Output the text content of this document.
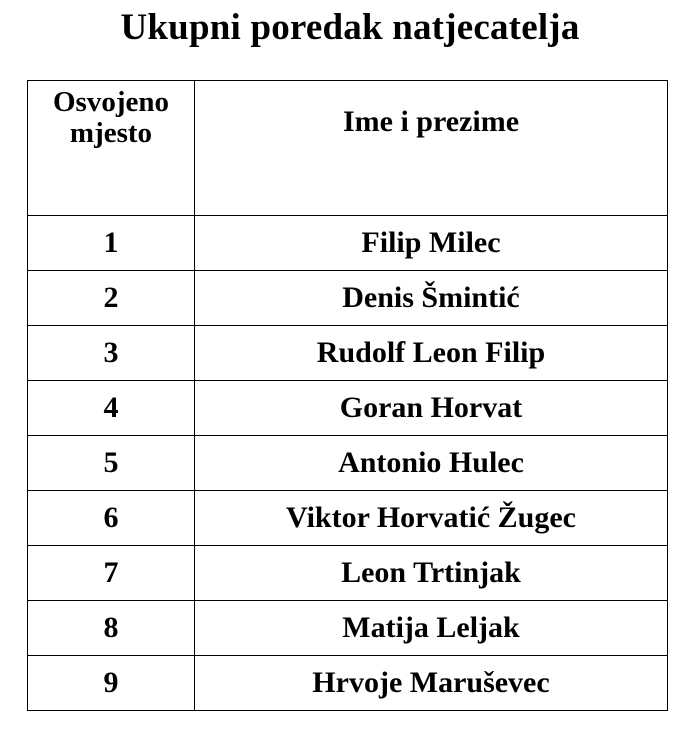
Ukupni poredak natjecatelja
Osvojeno
mjesto	Ime i prezime
1	Filip Milec
2	Denis Šmintić
3	Rudolf Leon Filip
4	Goran Horvat
5	Antonio Hulec
6	Viktor Horvatić Žugec
7	Leon Trtinjak
8	Matija Leljak
9	Hrvoje Maruševec
